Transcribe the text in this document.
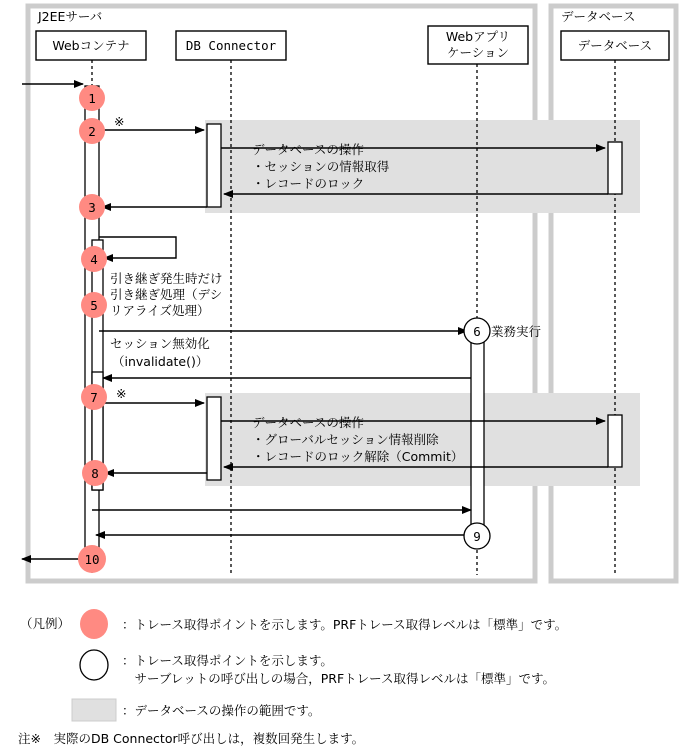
J2EEサーバ	データベース
Webコンテナ	DB Connector
Webアプリ
ケーション	データベース
1
2
3
4
5
6
7
8
9
10
※
※
データベースの操作
・セッションの情報取得
・レコードのロック
引き継ぎ発生時だけ
引き継ぎ処理（デシ
リアライズ処理）
業務実行
セッション無効化
（invalidate()）
データベースの操作
・グローバルセッション情報削除
・レコードのロック解除（Commit）
（凡例）	：トレース取得ポイントを示します。PRFトレース取得レベルは「標準」です。
：トレース取得ポイントを示します。
　サーブレットの呼び出しの場合，PRFトレース取得レベルは「標準」です。
：データベースの操作の範囲です。
注※　実際のDB Connector呼び出しは，複数回発生します。
